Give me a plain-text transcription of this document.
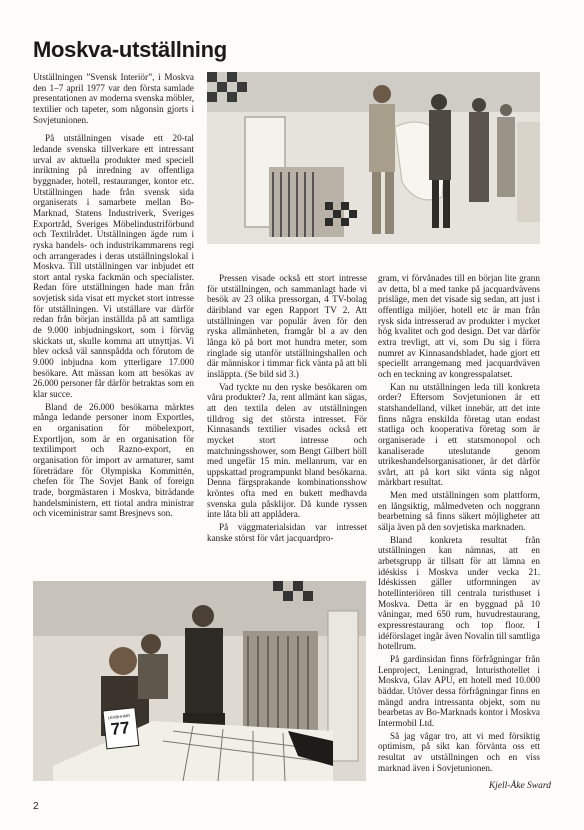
Moskva-utställning

Utställningen ”Svensk Interiör”, i Moskva den 1–7 april 1977 var den första samlade presentationen av moderna svenska möbler, textilier och tapeter, som någonsin gjorts i Sovjetunionen.

På utställningen visade ett 20-tal ledande svenska tillverkare ett intressant urval av aktuella produkter med speciell inriktning på inredning av offentliga byggnader, hotell, restauranger, kontor etc. Utställningen hade från svensk sida organiserats i samarbete mellan Bo-Marknad, Statens Industriverk, Sveriges Exportråd, Sveriges Möbelindustriförbund och Textilrådet. Utställningen ägde rum i ryska handels- och industrikammarens regi och arrangerades i deras utställningslokal i Moskva. Till utställningen var inbjudet ett stort antal ryska fackmän och specialister. Redan före utställningen hade man från sovjetisk sida visat ett mycket stort intresse för utställningen. Vi utställare var därför redan från början inställda på att samtliga de 9.000 inbjudningskort, som i förväg skickats ut, skulle komma att utnyttjas. Vi blev också väl sannspådda och förutom de 9.000 inbjudna kom ytterligare 17.000 besökare. Att mässan kom att besökas av 26.000 personer får därför betraktas som en klar succe.

Bland de 26.000 besökarna märktes många ledande personer inom Exportles, en organisation för möbelexport, Exportljon, som är en organisation för textilimport och Razno-export, en organisation för import av armaturer, samt företrädare för Olympiska Kommittén, chefen för The Sovjet Bank of foreign trade, borgmästaren i Moskva, biträdande handelsministern, ett tiotal andra ministrar och viceministrar samt Bresjnevs son.

Pressen visade också ett stort intresse för utställningen, och sammanlagt hade vi besök av 23 olika pressorgan, 4 TV-bolag däribland var egen Rapport TV 2. Att utställningen var populär även för den ryska allmänheten, framgår bl a av den långa kö på bort mot hundra meter, som ringlade sig utanför utställningshallen och där människor i timmar fick vänta på att bli insläppta. (Se bild sid 3.)

Vad tyckte nu den ryske besökaren om våra produkter? Ja, rent allmänt kan sägas, att den textila delen av utställningen tilldrog sig det största intresset. För Kinnasands textilier visades också ett mycket stort intresse och matchningsshower, som Bengt Gilbert höll med ungefär 15 min. mellanrum, var en uppskattad programpunkt bland besökarna. Denna färgsprakande kombinationsshow kröntes ofta med en bukett medhavda svenska gula påsklijor. Då kunde ryssen inte låta bli att applådera.

På väggmaterialsidan var intresset kanske störst för vårt jacquardpro-

gram, vi förvånades till en början lite grann av detta, bl a med tanke på jacquardvävens prisläge, men det visade sig sedan, att just i offentliga miljöer, hotell etc är man från rysk sida intresserad av produkter i mycket hög kvalitet och god design. Det var därför extra trevligt, att vi, som Du sig i förra numret av Kinnasandsbladet, hade gjort ett speciellt arrangemang med jacquardväven och en teckning av kongresspalatset.

Kan nu utställningen leda till konkreta order? Eftersom Sovjetunionen är ett statshandelland, vilket innebär, att det inte finns några enskilda företag utan endast statliga och kooperativa företag som är organiserade i ett statsmonopol och kanaliserade uteslutande genom utrikeshandelsorganisationer, är det därför svårt, att på kort sikt vänta sig något märkbart resultat.

Men med utställningen som plattform, en långsiktig, målmedveten och noggrann bearbetning så finns säkert möjligheter att sälja även på den sovjetiska marknaden.

Bland konkreta resultat från utställningen kan nämnas, att en arbetsgrupp är tillsatt för att lämna en idéskiss i Moskva under vecka 21. Idéskissen gäller utformningen av hotellinteriören till centrala turisthuset i Moskva. Detta är en byggnad på 10 våningar, med 650 rum, huvudrestaurang, expressrestaurang och top floor. I idéförslaget ingår även Novalin till samtliga hotellrum.

På gardinsidan finns förfrågningar från Lenproject, Leningrad, Inturisthotellet i Moskva, Glav APU, ett hotell med 10.000 bäddar. Utöver dessa förfrågningar finns en mängd andra intressanta objekt, som nu bearbetas av Bo-Marknads kontor i Moskva Intermobil Ltd.

Så jag vågar tro, att vi med försiktig optimism, på sikt kan förvänta oss ett resultat av utställningen och en viss marknad även i Sovjetunionen.

LEHBHHMR
77
Kjell-Åke Sward
2
